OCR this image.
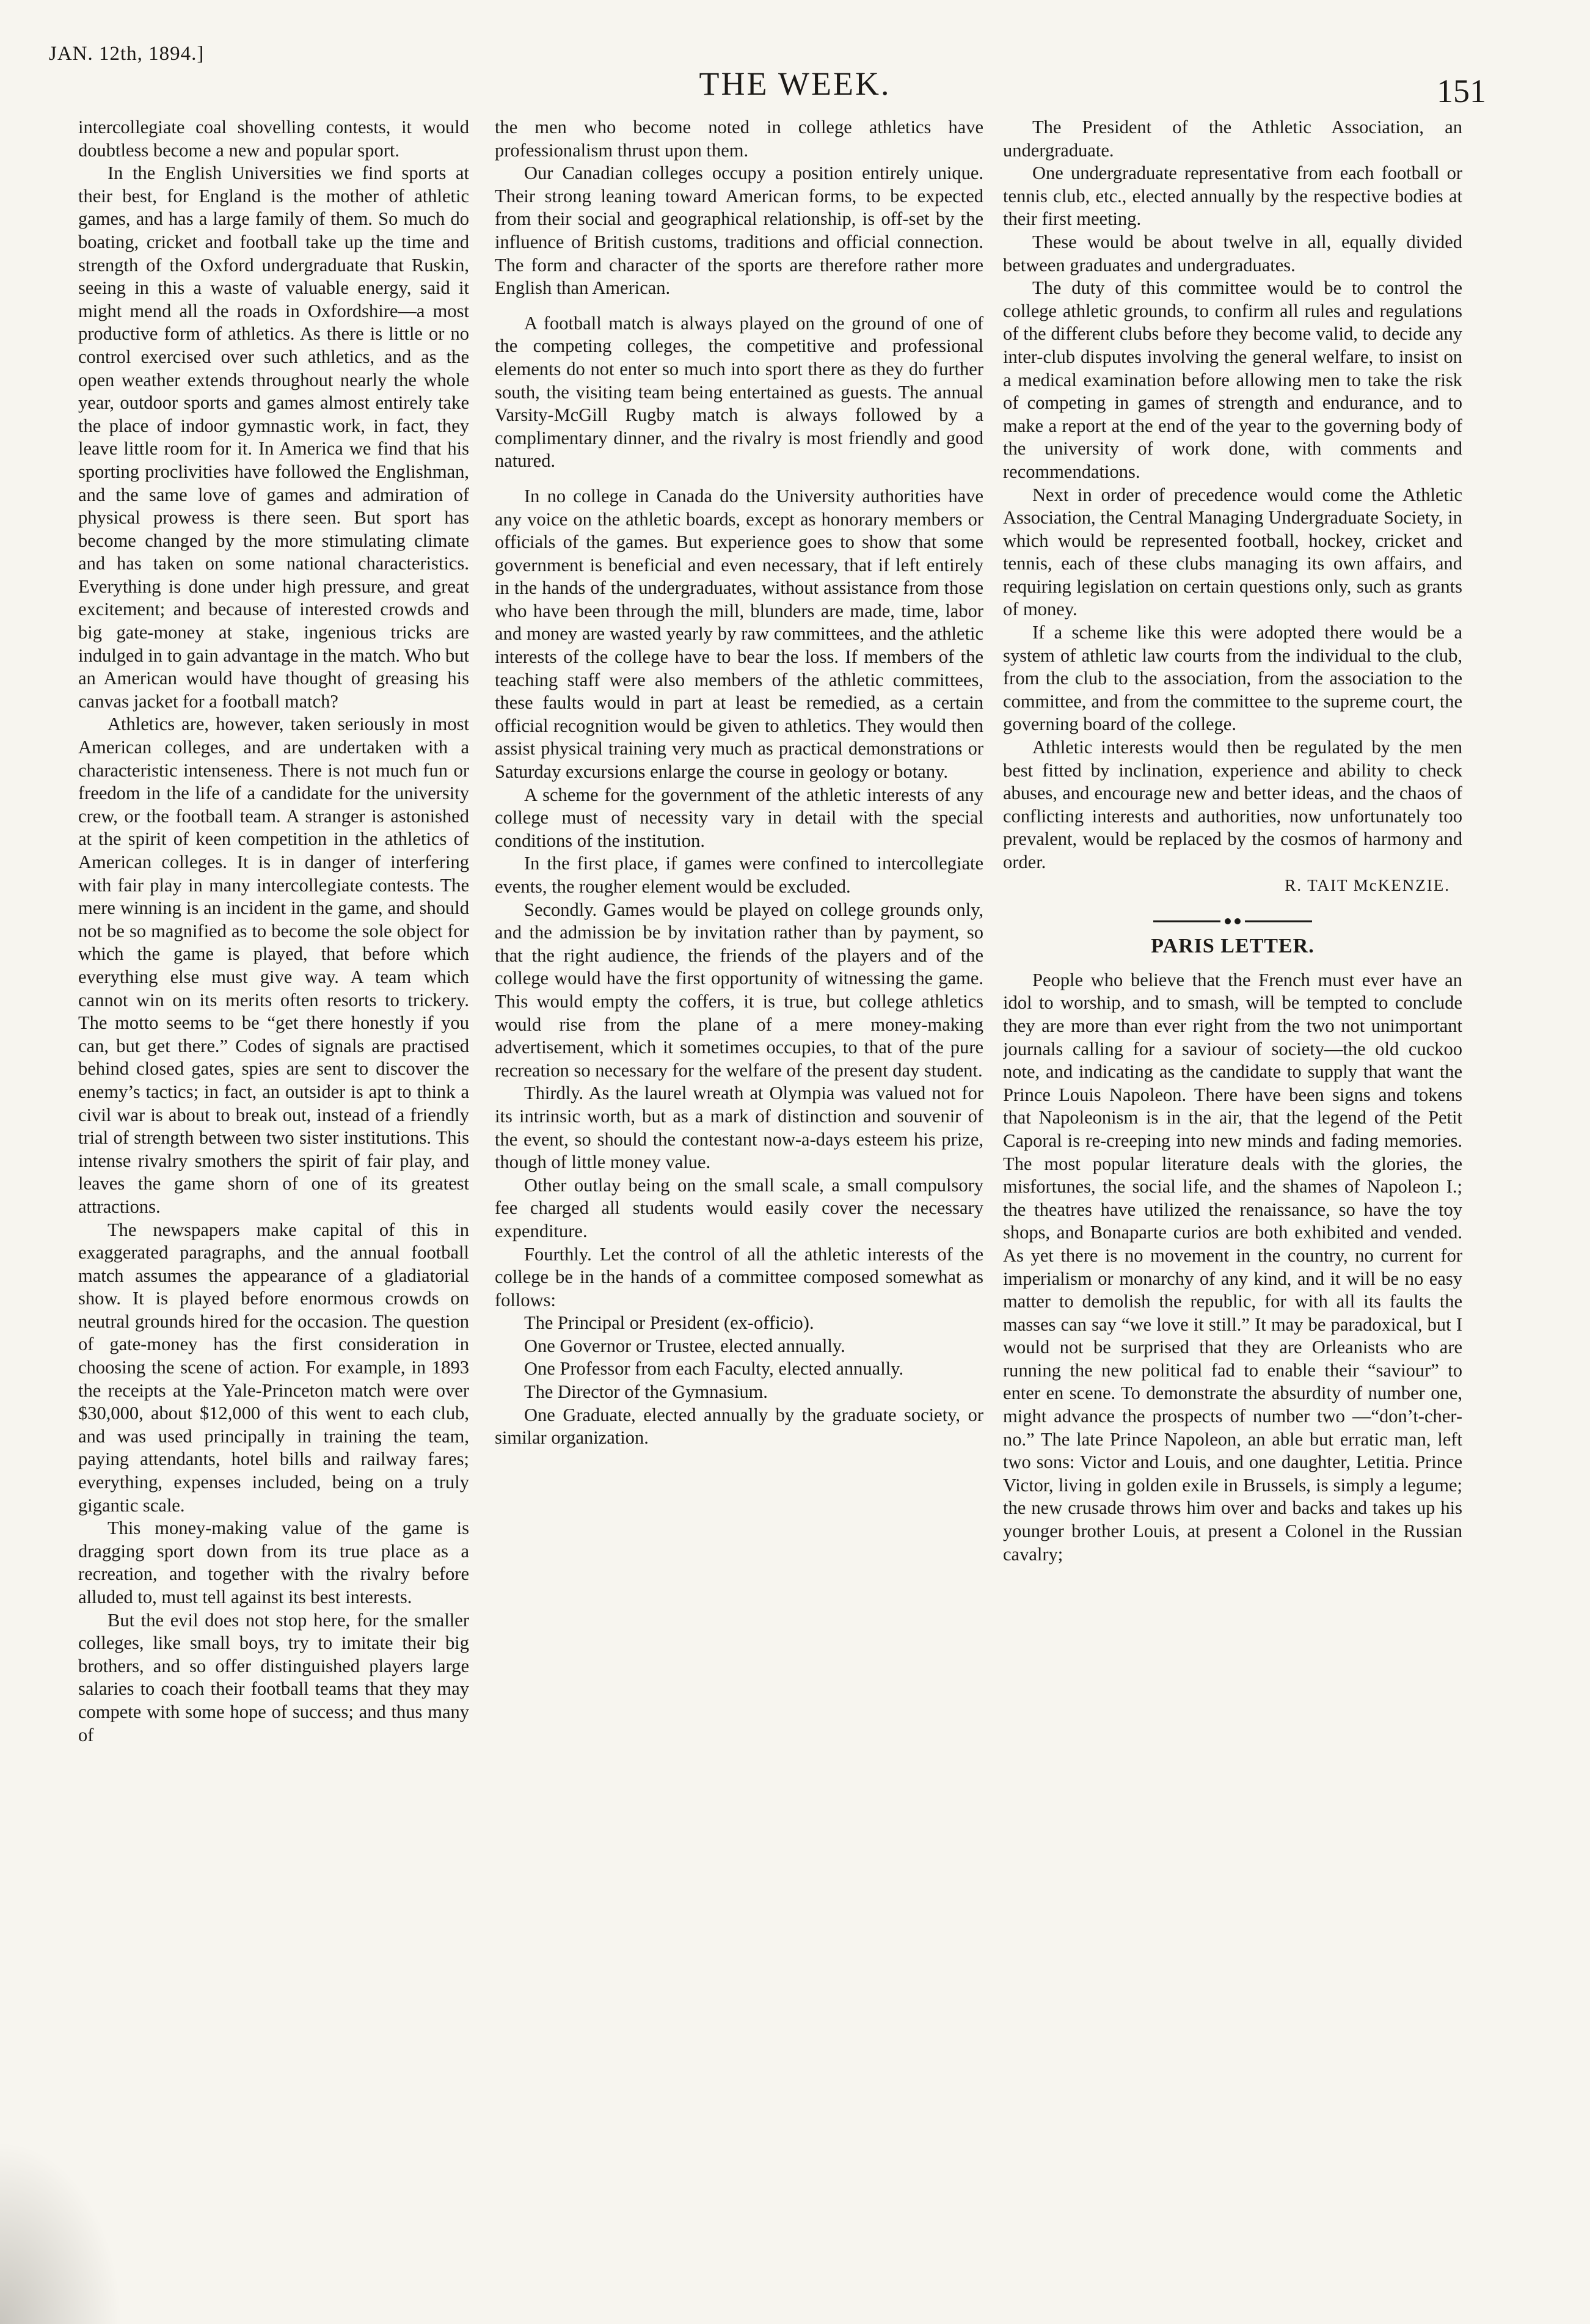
JAN. 12th, 1894.]
THE WEEK.	151

intercollegiate coal shovelling contests, it would doubtless become a new and popular sport.

In the English Universities we find sports at their best, for England is the mother of athletic games, and has a large family of them. So much do boating, cricket and football take up the time and strength of the Oxford undergraduate that Ruskin, seeing in this a waste of valuable energy, said it might mend all the roads in Oxfordshire—a most productive form of athletics. As there is little or no control exercised over such athletics, and as the open weather extends throughout nearly the whole year, outdoor sports and games almost entirely take the place of indoor gymnastic work, in fact, they leave little room for it. In America we find that his sporting proclivities have followed the Englishman, and the same love of games and admiration of physical prowess is there seen. But sport has become changed by the more stimulating climate and has taken on some national characteristics. Everything is done under high pressure, and great excitement; and because of interested crowds and big gate-money at stake, ingenious tricks are indulged in to gain advantage in the match. Who but an American would have thought of greasing his canvas jacket for a football match?

Athletics are, however, taken seriously in most American colleges, and are undertaken with a characteristic intenseness. There is not much fun or freedom in the life of a candidate for the university crew, or the football team. A stranger is astonished at the spirit of keen competition in the athletics of American colleges. It is in danger of interfering with fair play in many intercollegiate contests. The mere winning is an incident in the game, and should not be so magnified as to become the sole object for which the game is played, that before which everything else must give way. A team which cannot win on its merits often resorts to trickery. The motto seems to be “get there honestly if you can, but get there.” Codes of signals are practised behind closed gates, spies are sent to discover the enemy’s tactics; in fact, an outsider is apt to think a civil war is about to break out, instead of a friendly trial of strength between two sister institutions. This intense rivalry smothers the spirit of fair play, and leaves the game shorn of one of its greatest attractions.

The newspapers make capital of this in exaggerated paragraphs, and the annual football match assumes the appearance of a gladiatorial show. It is played before enormous crowds on neutral grounds hired for the occasion. The question of gate-money has the first consideration in choosing the scene of action. For example, in 1893 the receipts at the Yale-Princeton match were over $30,000, about $12,000 of this went to each club, and was used principally in training the team, paying attendants, hotel bills and railway fares; everything, expenses included, being on a truly gigantic scale.

This money-making value of the game is dragging sport down from its true place as a recreation, and together with the rivalry before alluded to, must tell against its best interests.

But the evil does not stop here, for the smaller colleges, like small boys, try to imitate their big brothers, and so offer distinguished players large salaries to coach their football teams that they may compete with some hope of success; and thus many of

the men who become noted in college athletics have professionalism thrust upon them.

Our Canadian colleges occupy a position entirely unique. Their strong leaning toward American forms, to be expected from their social and geographical relationship, is off-set by the influence of British customs, traditions and official connection. The form and character of the sports are therefore rather more English than American.

A football match is always played on the ground of one of the competing colleges, the competitive and professional elements do not enter so much into sport there as they do further south, the visiting team being entertained as guests. The annual Varsity-McGill Rugby match is always followed by a complimentary dinner, and the rivalry is most friendly and good natured.

In no college in Canada do the University authorities have any voice on the athletic boards, except as honorary members or officials of the games. But experience goes to show that some government is beneficial and even necessary, that if left entirely in the hands of the undergraduates, without assistance from those who have been through the mill, blunders are made, time, labor and money are wasted yearly by raw committees, and the athletic interests of the college have to bear the loss. If members of the teaching staff were also members of the athletic committees, these faults would in part at least be remedied, as a certain official recognition would be given to athletics. They would then assist physical training very much as practical demonstrations or Saturday excursions enlarge the course in geology or botany.

A scheme for the government of the athletic interests of any college must of necessity vary in detail with the special conditions of the institution.

In the first place, if games were confined to intercollegiate events, the rougher element would be excluded.

Secondly. Games would be played on college grounds only, and the admission be by invitation rather than by payment, so that the right audience, the friends of the players and of the college would have the first opportunity of witnessing the game. This would empty the coffers, it is true, but college athletics would rise from the plane of a mere money-making advertisement, which it sometimes occupies, to that of the pure recreation so necessary for the welfare of the present day student.

Thirdly. As the laurel wreath at Olympia was valued not for its intrinsic worth, but as a mark of distinction and souvenir of the event, so should the contestant now-a-days esteem his prize, though of little money value.

Other outlay being on the small scale, a small compulsory fee charged all students would easily cover the necessary expenditure.

Fourthly. Let the control of all the athletic interests of the college be in the hands of a committee composed somewhat as follows:

The Principal or President (ex-officio).

One Governor or Trustee, elected annually.

One Professor from each Faculty, elected annually.

The Director of the Gymnasium.

One Graduate, elected annually by the graduate society, or similar organization.

The President of the Athletic Association, an undergraduate.

One undergraduate representative from each football or tennis club, etc., elected annually by the respective bodies at their first meeting.

These would be about twelve in all, equally divided between graduates and undergraduates.

The duty of this committee would be to control the college athletic grounds, to confirm all rules and regulations of the different clubs before they become valid, to decide any inter-club disputes involving the general welfare, to insist on a medical examination before allowing men to take the risk of competing in games of strength and endurance, and to make a report at the end of the year to the governing body of the university of work done, with comments and recommendations.

Next in order of precedence would come the Athletic Association, the Central Managing Undergraduate Society, in which would be represented football, hockey, cricket and tennis, each of these clubs managing its own affairs, and requiring legislation on certain questions only, such as grants of money.

If a scheme like this were adopted there would be a system of athletic law courts from the individual to the club, from the club to the association, from the association to the committee, and from the committee to the supreme court, the governing board of the college.

Athletic interests would then be regulated by the men best fitted by inclination, experience and ability to check abuses, and encourage new and better ideas, and the chaos of conflicting interests and authorities, now unfortunately too prevalent, would be replaced by the cosmos of harmony and order.

R. TAIT McKENZIE.

PARIS LETTER.

People who believe that the French must ever have an idol to worship, and to smash, will be tempted to conclude they are more than ever right from the two not unimportant journals calling for a saviour of society—the old cuckoo note, and indicating as the candidate to supply that want the Prince Louis Napoleon. There have been signs and tokens that Napoleonism is in the air, that the legend of the Petit Caporal is re-creeping into new minds and fading memories. The most popular literature deals with the glories, the misfortunes, the social life, and the shames of Napoleon I.; the theatres have utilized the renaissance, so have the toy shops, and Bonaparte curios are both exhibited and vended. As yet there is no movement in the country, no current for imperialism or monarchy of any kind, and it will be no easy matter to demolish the republic, for with all its faults the masses can say “we love it still.” It may be paradoxical, but I would not be surprised that they are Orleanists who are running the new political fad to enable their “saviour” to enter en scene. To demonstrate the absurdity of number one, might advance the prospects of number two —“don’t-cher-no.” The late Prince Napoleon, an able but erratic man, left two sons: Victor and Louis, and one daughter, Letitia. Prince Victor, living in golden exile in Brussels, is simply a legume; the new crusade throws him over and backs and takes up his younger brother Louis, at present a Colonel in the Russian cavalry;
